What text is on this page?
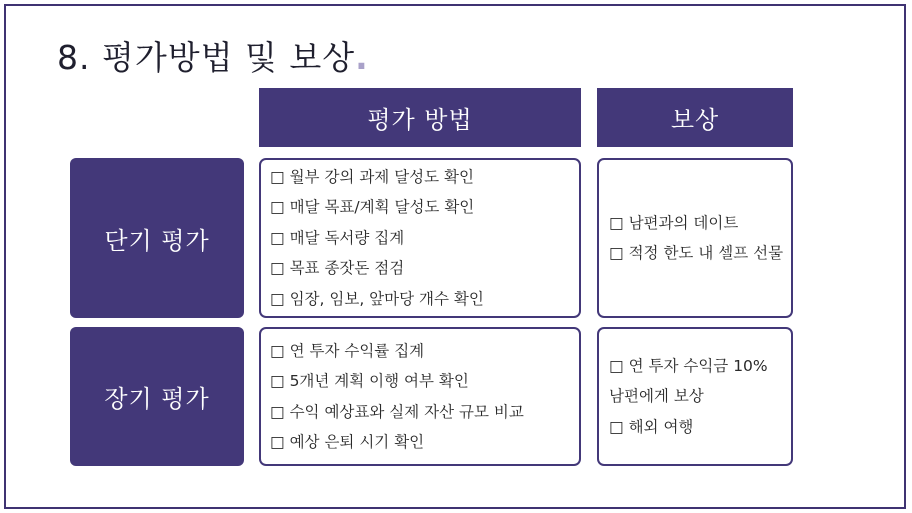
8. 평가방법 및 보상.
평가 방법	보상
단기 평가
□ 월부 강의 과제 달성도 확인
□ 매달 목표/계획 달성도 확인
□ 매달 독서량 집계
□ 목표 종잣돈 점검
□ 임장, 임보, 앞마당 개수 확인
□ 남편과의 데이트
□ 적정 한도 내 셀프 선물
장기 평가
□ 연 투자 수익률 집계
□ 5개년 계획 이행 여부 확인
□ 수익 예상표와 실제 자산 규모 비교
□ 예상 은퇴 시기 확인
□ 연 투자 수익금 10% 남편에게 보상
□ 해외 여행
